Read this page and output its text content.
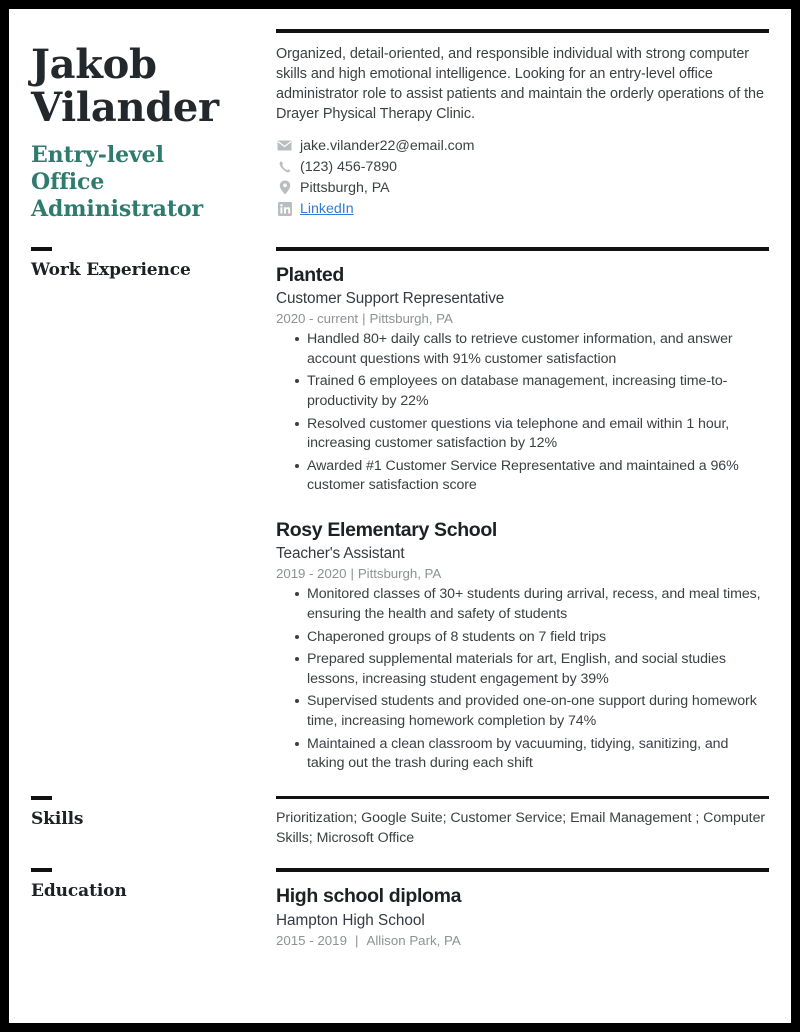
Jakob
Vilander
Entry-level
Office
Administrator
Organized, detail-oriented, and responsible individual with strong computer skills and high emotional intelligence. Looking for an entry-level office administrator role to assist patients and maintain the orderly operations of the Drayer Physical Therapy Clinic.
jake.vilander22@email.com
(123) 456-7890
Pittsburgh, PA
LinkedIn
Work Experience	Planted
Customer Support Representative
2020 - current | Pittsburgh, PA
Handled 80+ daily calls to retrieve customer information, and answer account questions with 91% customer satisfaction
Trained 6 employees on database management, increasing time-to-productivity by 22%
Resolved customer questions via telephone and email within 1 hour, increasing customer satisfaction by 12%
Awarded #1 Customer Service Representative and maintained a 96% customer satisfaction score
Rosy Elementary School
Teacher's Assistant
2019 - 2020 | Pittsburgh, PA
Monitored classes of 30+ students during arrival, recess, and meal times, ensuring the health and safety of students
Chaperoned groups of 8 students on 7 field trips
Prepared supplemental materials for art, English, and social studies lessons, increasing student engagement by 39%
Supervised students and provided one-on-one support during homework time, increasing homework completion by 74%
Maintained a clean classroom by vacuuming, tidying, sanitizing, and taking out the trash during each shift
Skills	Prioritization; Google Suite; Customer Service; Email Management ; Computer Skills; Microsoft Office
Education	High school diploma
Hampton High School
2015 - 2019 | Allison Park, PA
